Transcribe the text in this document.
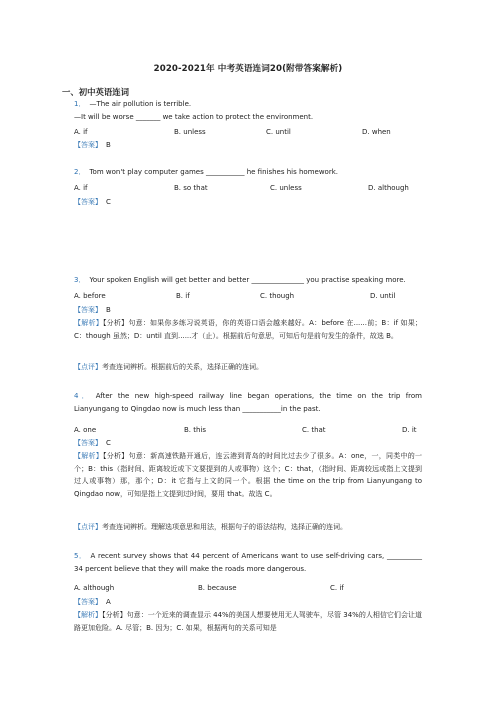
2020-2021年 中考英语连词20(附带答案解析)
一、初中英语连词
1． —The air pollution is terrible.
—It will be worse _______ we take action to protect the environment.
A. if	B. unless	C. until	D. when
【答案】 B
2． Tom won't play computer games ___________ he finishes his homework.
A. if	B. so that	C. unless	D. although
【答案】 C
3． Your spoken English will get better and better _______________ you practise speaking more.
A. before	B. if	C. though	D. until
【答案】 B
【解析】【分析】句意：如果你多练习说英语，你的英语口语会越来越好。A：before 在......前；B：if 如果；C：though 虽然；D：until 直到......才（止）。根据前后句意思，可知后句是前句发生的条件，故选 B。
【点评】考查连词辨析。根据前后的关系，选择正确的连词。
4． After the new high-speed railway line began operations, the time on the trip from Lianyungang to Qingdao now is much less than ___________in the past.
A. one	B. this	C. that	D. it
【答案】 C
【解析】【分析】句意：新高速铁路开通后，连云港到青岛的时间比过去少了很多。A：one，一，同类中的一个；B：this（指时间、距离较近或下文要提到的人或事物）这个；C：that，（指时间、距离较远或指上文提到过人或事物）那，那个；D：it 它指与上文的同一个。根据 the time on the trip from Lianyungang to Qingdao now，可知是指上文提到过时间，要用 that。故选 C。
【点评】考查连词辨析。理解选项意思和用法，根据句子的语法结构，选择正确的连词。
5． A recent survey shows that 44 percent of Americans want to use self-driving cars, __________ 34 percent believe that they will make the roads more dangerous.
A. although	B. because	C. if
【答案】 A
【解析】【分析】句意：一个近来的调查显示 44%的美国人想要使用无人驾驶车，尽管 34%的人相信它们会让道路更加危险。A. 尽管；B. 因为；C. 如果，根据两句的关系可知是
